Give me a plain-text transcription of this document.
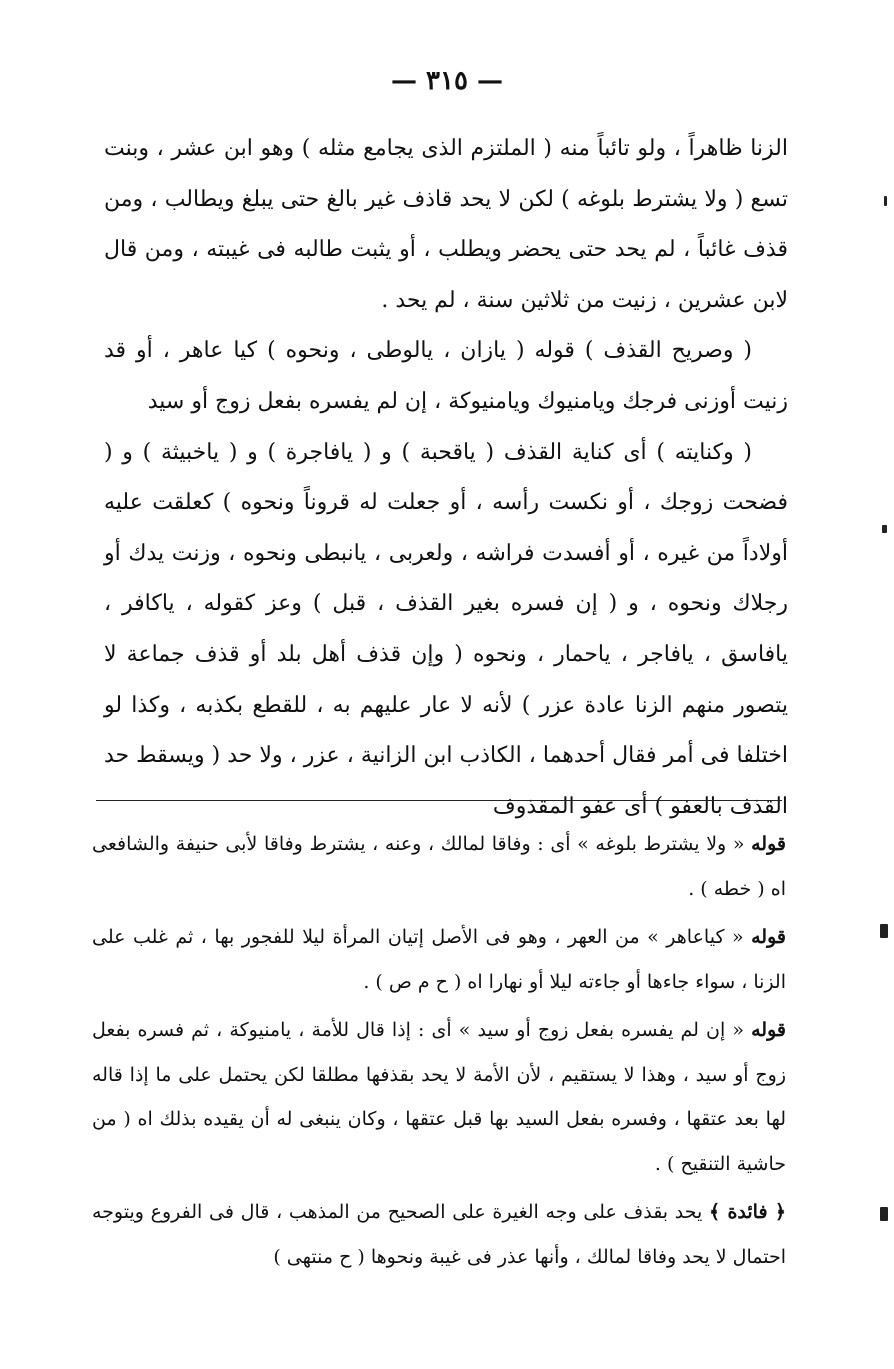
— ٣١٥ —

الزنا ظاهراً ، ولو تائباً منه ( الملتزم الذى يجامع مثله ) وهو ابن عشر ، وبنت تسع ( ولا يشترط بلوغه ) لكن لا يحد قاذف غير بالغ حتى يبلغ ويطالب ، ومن قذف غائباً ، لم يحد حتى يحضر ويطلب ، أو يثبت طالبه فى غيبته ، ومن قال لابن عشرين ، زنيت من ثلاثين سنة ، لم يحد .

( وصريح القذف ) قوله ( يازان ، يالوطى ، ونحوه ) كيا عاهر ، أو قد زنيت أوزنى فرجك ويامنيوك ويامنيوكة ، إن لم يفسره بفعل زوج أو سيد

( وكنايته ) أى كناية القذف ( ياقحبة ) و ( يافاجرة ) و ( ياخبيثة ) و ( فضحت زوجك ، أو نكست رأسه ، أو جعلت له قروناً ونحوه ) كعلقت عليه أولاداً من غيره ، أو أفسدت فراشه ، ولعربى ، يانبطى ونحوه ، وزنت يدك أو رجلاك ونحوه ، و ( إن فسره بغير القذف ، قبل ) وعز كقوله ، ياكافر ، يافاسق ، يافاجر ، ياحمار ، ونحوه ( وإن قذف أهل بلد أو قذف جماعة لا يتصور منهم الزنا عادة عزر ) لأنه لا عار عليهم به ، للقطع بكذبه ، وكذا لو اختلفا فى أمر فقال أحدهما ، الكاذب ابن الزانية ، عزر ، ولا حد ( ويسقط حد القذف بالعفو ) أى عفو المقذوف

قوله « ولا يشترط بلوغه » أى : وفاقا لمالك ، وعنه ، يشترط وفاقا لأبى حنيفة والشافعى اه ( خطه ) .

قوله « كياعاهر » من العهر ، وهو فى الأصل إتيان المرأة ليلا للفجور بها ، ثم غلب على الزنا ، سواء جاءها أو جاءته ليلا أو نهارا اه ( ح م ص ) .

قوله « إن لم يفسره بفعل زوج أو سيد » أى : إذا قال للأمة ، يامنيوكة ، ثم فسره بفعل زوج أو سيد ، وهذا لا يستقيم ، لأن الأمة لا يحد بقذفها مطلقا لكن يحتمل على ما إذا قاله لها بعد عتقها ، وفسره بفعل السيد بها قبل عتقها ، وكان ينبغى له أن يقيده بذلك اه ( من حاشية التنقيح ) .

﴿ فائدة ﴾ يحد بقذف على وجه الغيرة على الصحيح من المذهب ، قال فى الفروع ويتوجه احتمال لا يحد وفاقا لمالك ، وأنها عذر فى غيبة ونحوها ( ح منتهى )
